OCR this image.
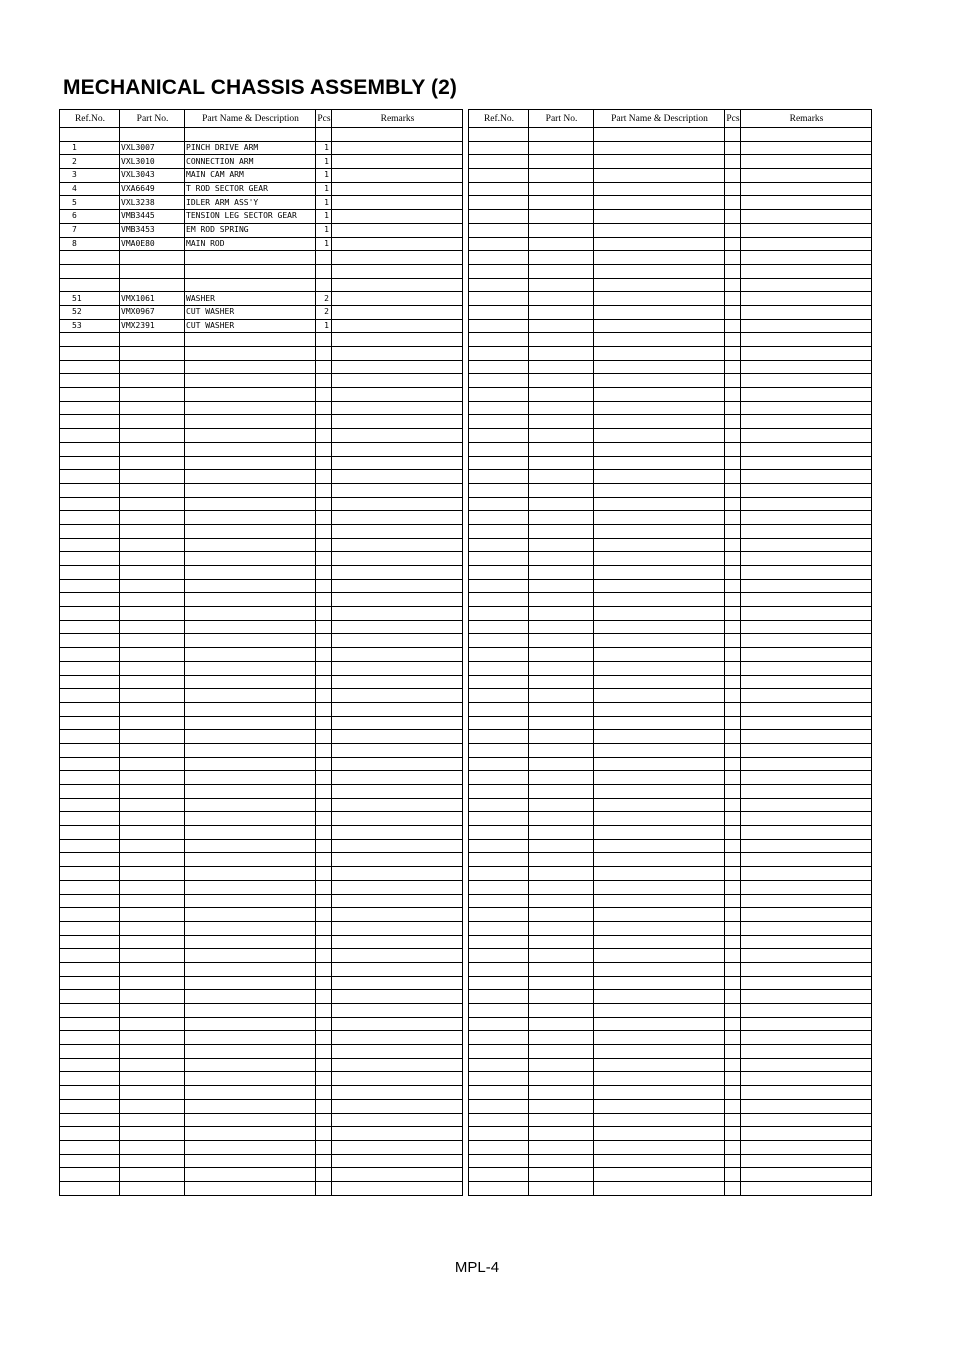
MECHANICAL CHASSIS ASSEMBLY (2)
Ref.No.	Part No.	Part Name & Description	Pcs	Remarks

1	VXL3007	PINCH DRIVE ARM	1	
2	VXL3010	CONNECTION ARM	1	
3	VXL3043	MAIN CAM ARM	1	
4	VXA6649	T ROD SECTOR GEAR	1	
5	VXL3238	IDLER ARM ASS'Y	1	
6	VMB3445	TENSION LEG SECTOR GEAR	1	
7	VMB3453	EM ROD SPRING	1	
8	VMA0E80	MAIN ROD	1	

51	VMX1061	WASHER	2	
52	VMX0967	CUT WASHER	2	
53	VMX2391	CUT WASHER	1	

Ref.No.	Part No.	Part Name & Description	Pcs	Remarks

MPL-4
